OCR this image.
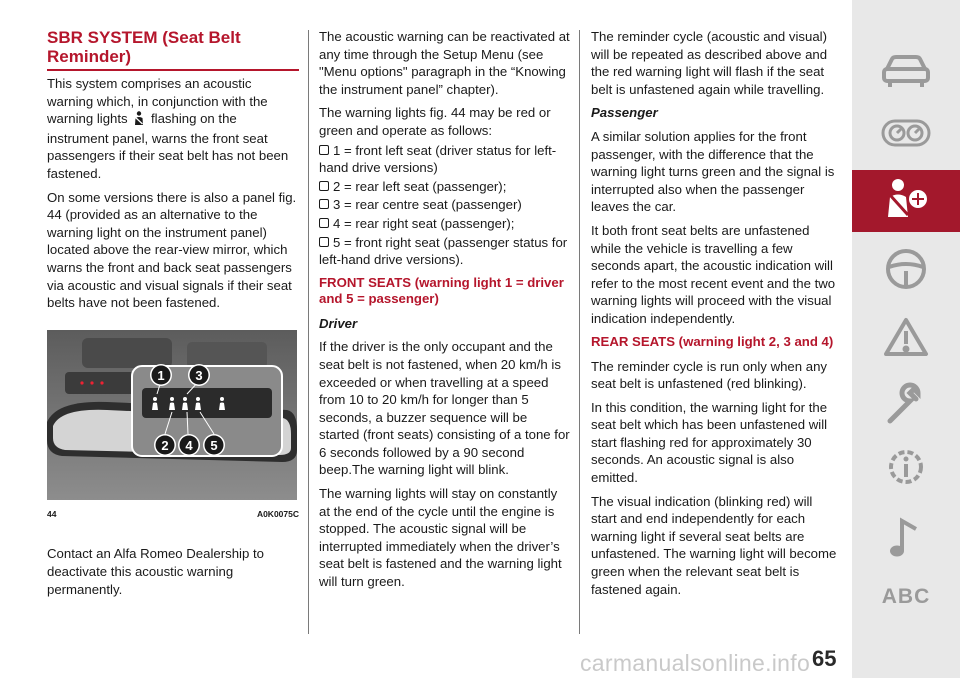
SBR SYSTEM (Seat Belt Reminder)

This system comprises an acoustic warning which, in conjunction with the warning lights flashing on the instrument panel, warns the front seat passengers if their seat belt has not been fastened.

On some versions there is also a panel fig. 44 (provided as an alternative to the warning light on the instrument panel) located above the rear-view mirror, which warns the front and back seat passengers via acoustic and visual signals if their seat belts have not been fastened.

1 3
2 4 5
44	A0K0075C

Contact an Alfa Romeo Dealership to deactivate this acoustic warning permanently.

The acoustic warning can be reactivated at any time through the Setup Menu (see "Menu options" paragraph in the “Knowing the instrument panel” chapter).

The warning lights fig. 44 may be red or green and operate as follows:

1 = front left seat (driver status for left-hand drive versions)
2 = rear left seat (passenger);
3 = rear centre seat (passenger)
4 = rear right seat (passenger);
5 = front right seat (passenger status for left-hand drive versions).
FRONT SEATS (warning light 1 = driver and 5 = passenger)
Driver

If the driver is the only occupant and the seat belt is not fastened, when 20 km/h is exceeded or when travelling at a speed from 10 to 20 km/h for longer than 5 seconds, a buzzer sequence will be started (front seats) consisting of a tone for 6 seconds followed by a 90 second beep.The warning light will blink.

The warning lights will stay on constantly at the end of the cycle until the engine is stopped. The acoustic signal will be interrupted immediately when the driver’s seat belt is fastened and the warning light will turn green.

The reminder cycle (acoustic and visual) will be repeated as described above and the red warning light will flash if the seat belt is unfastened again while travelling.

Passenger

A similar solution applies for the front passenger, with the difference that the warning light turns green and the signal is interrupted also when the passenger leaves the car.

It both front seat belts are unfastened while the vehicle is travelling a few seconds apart, the acoustic indication will refer to the most recent event and the two warning lights will proceed with the visual indication independently.

REAR SEATS (warning light 2, 3 and 4)

The reminder cycle is run only when any seat belt is unfastened (red blinking).

In this condition, the warning light for the seat belt which has been unfastened will start flashing red for approximately 30 seconds. An acoustic signal is also emitted.

The visual indication (blinking red) will start and end independently for each warning light if several seat belts are unfastened. The warning light will become green when the relevant seat belt is fastened again.	ABC
carmanualsonline.info 65
